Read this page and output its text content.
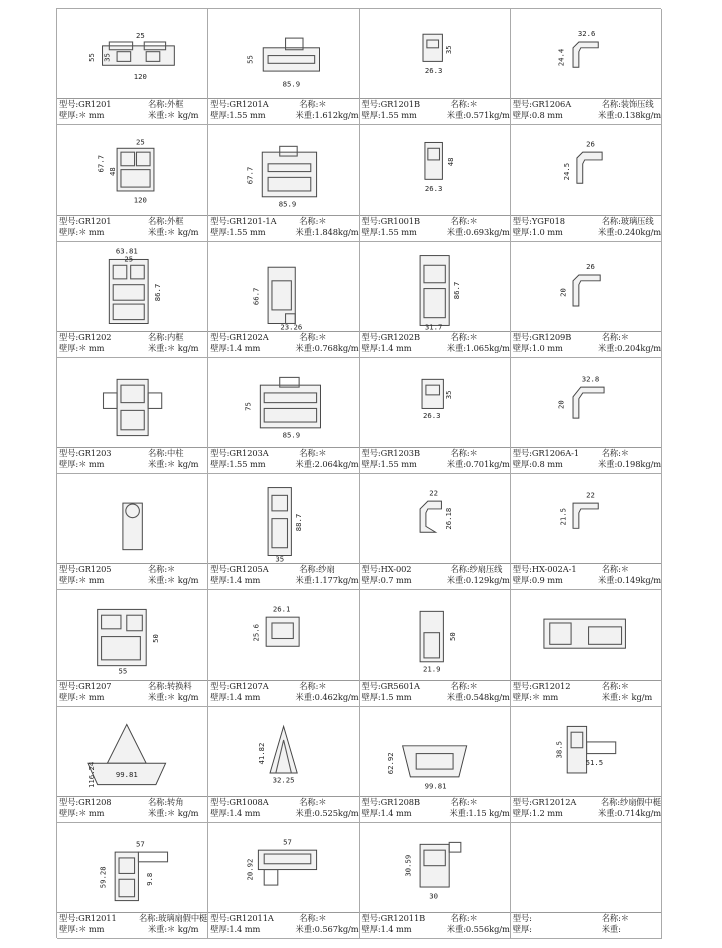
55 35
25
120
型号:GR1201	名称:外框
壁厚:＊ mm	米重:＊ kg/m
55
85.9
型号:GR1201A	名称:＊
壁厚:1.55 mm	米重:1.612kg/m
35
26.3
型号:GR1201B	名称:＊
壁厚:1.55 mm	米重:0.571kg/m
32.6
24.4
型号:GR1206A	名称:装饰压线
壁厚:0.8 mm	米重:0.138kg/m
67.7 48
25
120
型号:GR1201	名称:外框
壁厚:＊ mm	米重:＊ kg/m
67.7
85.9
型号:GR1201-1A	名称:＊
壁厚:1.55 mm	米重:1.848kg/m
48
26.3
型号:GR1001B	名称:＊
壁厚:1.55 mm	米重:0.693kg/m
26
24.5
型号:YGF018	名称:玻璃压线
壁厚:1.0 mm	米重:0.240kg/m
63.81
25
86.7
型号:GR1202	名称:内框
壁厚:＊ mm	米重:＊ kg/m
66.7
23.26
型号:GR1202A	名称:＊
壁厚:1.4 mm	米重:0.768kg/m
86.7
31.7
型号:GR1202B	名称:＊
壁厚:1.4 mm	米重:1.065kg/m
26
20
型号:GR1209B	名称:＊
壁厚:1.0 mm	米重:0.204kg/m
型号:GR1203	名称:中柱
壁厚:＊ mm	米重:＊ kg/m
75
85.9
型号:GR1203A	名称:＊
壁厚:1.55 mm	米重:2.064kg/m
35
26.3
型号:GR1203B	名称:＊
壁厚:1.55 mm	米重:0.701kg/m
32.8
20
型号:GR1206A-1	名称:＊
壁厚:0.8 mm	米重:0.198kg/m
型号:GR1205	名称:＊
壁厚:＊ mm	米重:＊ kg/m
88.7
35
型号:GR1205A	名称:纱扇
壁厚:1.4 mm	米重:1.177kg/m
22
26.18
型号:HX-002	名称:纱扇压线
壁厚:0.7 mm	米重:0.129kg/m
22
21.5
型号:HX-002A-1	名称:＊
壁厚:0.9 mm	米重:0.149kg/m
50
55
型号:GR1207	名称:转换料
壁厚:＊ mm	米重:＊ kg/m
26.1
25.6
型号:GR1207A	名称:＊
壁厚:1.4 mm	米重:0.462kg/m
50
21.9
型号:GR5601A	名称:＊
壁厚:1.5 mm	米重:0.548kg/m
型号:GR12012	名称:＊
壁厚:＊ mm	米重:＊ kg/m
116.24	99.81
型号:GR1208	名称:转角
壁厚:＊ mm	米重:＊ kg/m
41.82
32.25
型号:GR1008A	名称:＊
壁厚:1.4 mm	米重:0.525kg/m
62.92
99.81
型号:GR1208B	名称:＊
壁厚:1.4 mm	米重:1.15 kg/m
38.5
51.5
型号:GR12012A	名称:纱扇假中梃
壁厚:1.2 mm	米重:0.714kg/m
57
59.28	9.8
型号:GR12011	名称:玻璃扇假中梃
壁厚:＊ mm	米重:＊ kg/m
57
20.92
型号:GR12011A	名称:＊
壁厚:1.4 mm	米重:0.567kg/m
30.59
30
型号:GR12011B	名称:＊
壁厚:1.4 mm	米重:0.556kg/m
型号:	名称:＊
壁厚:	米重:
